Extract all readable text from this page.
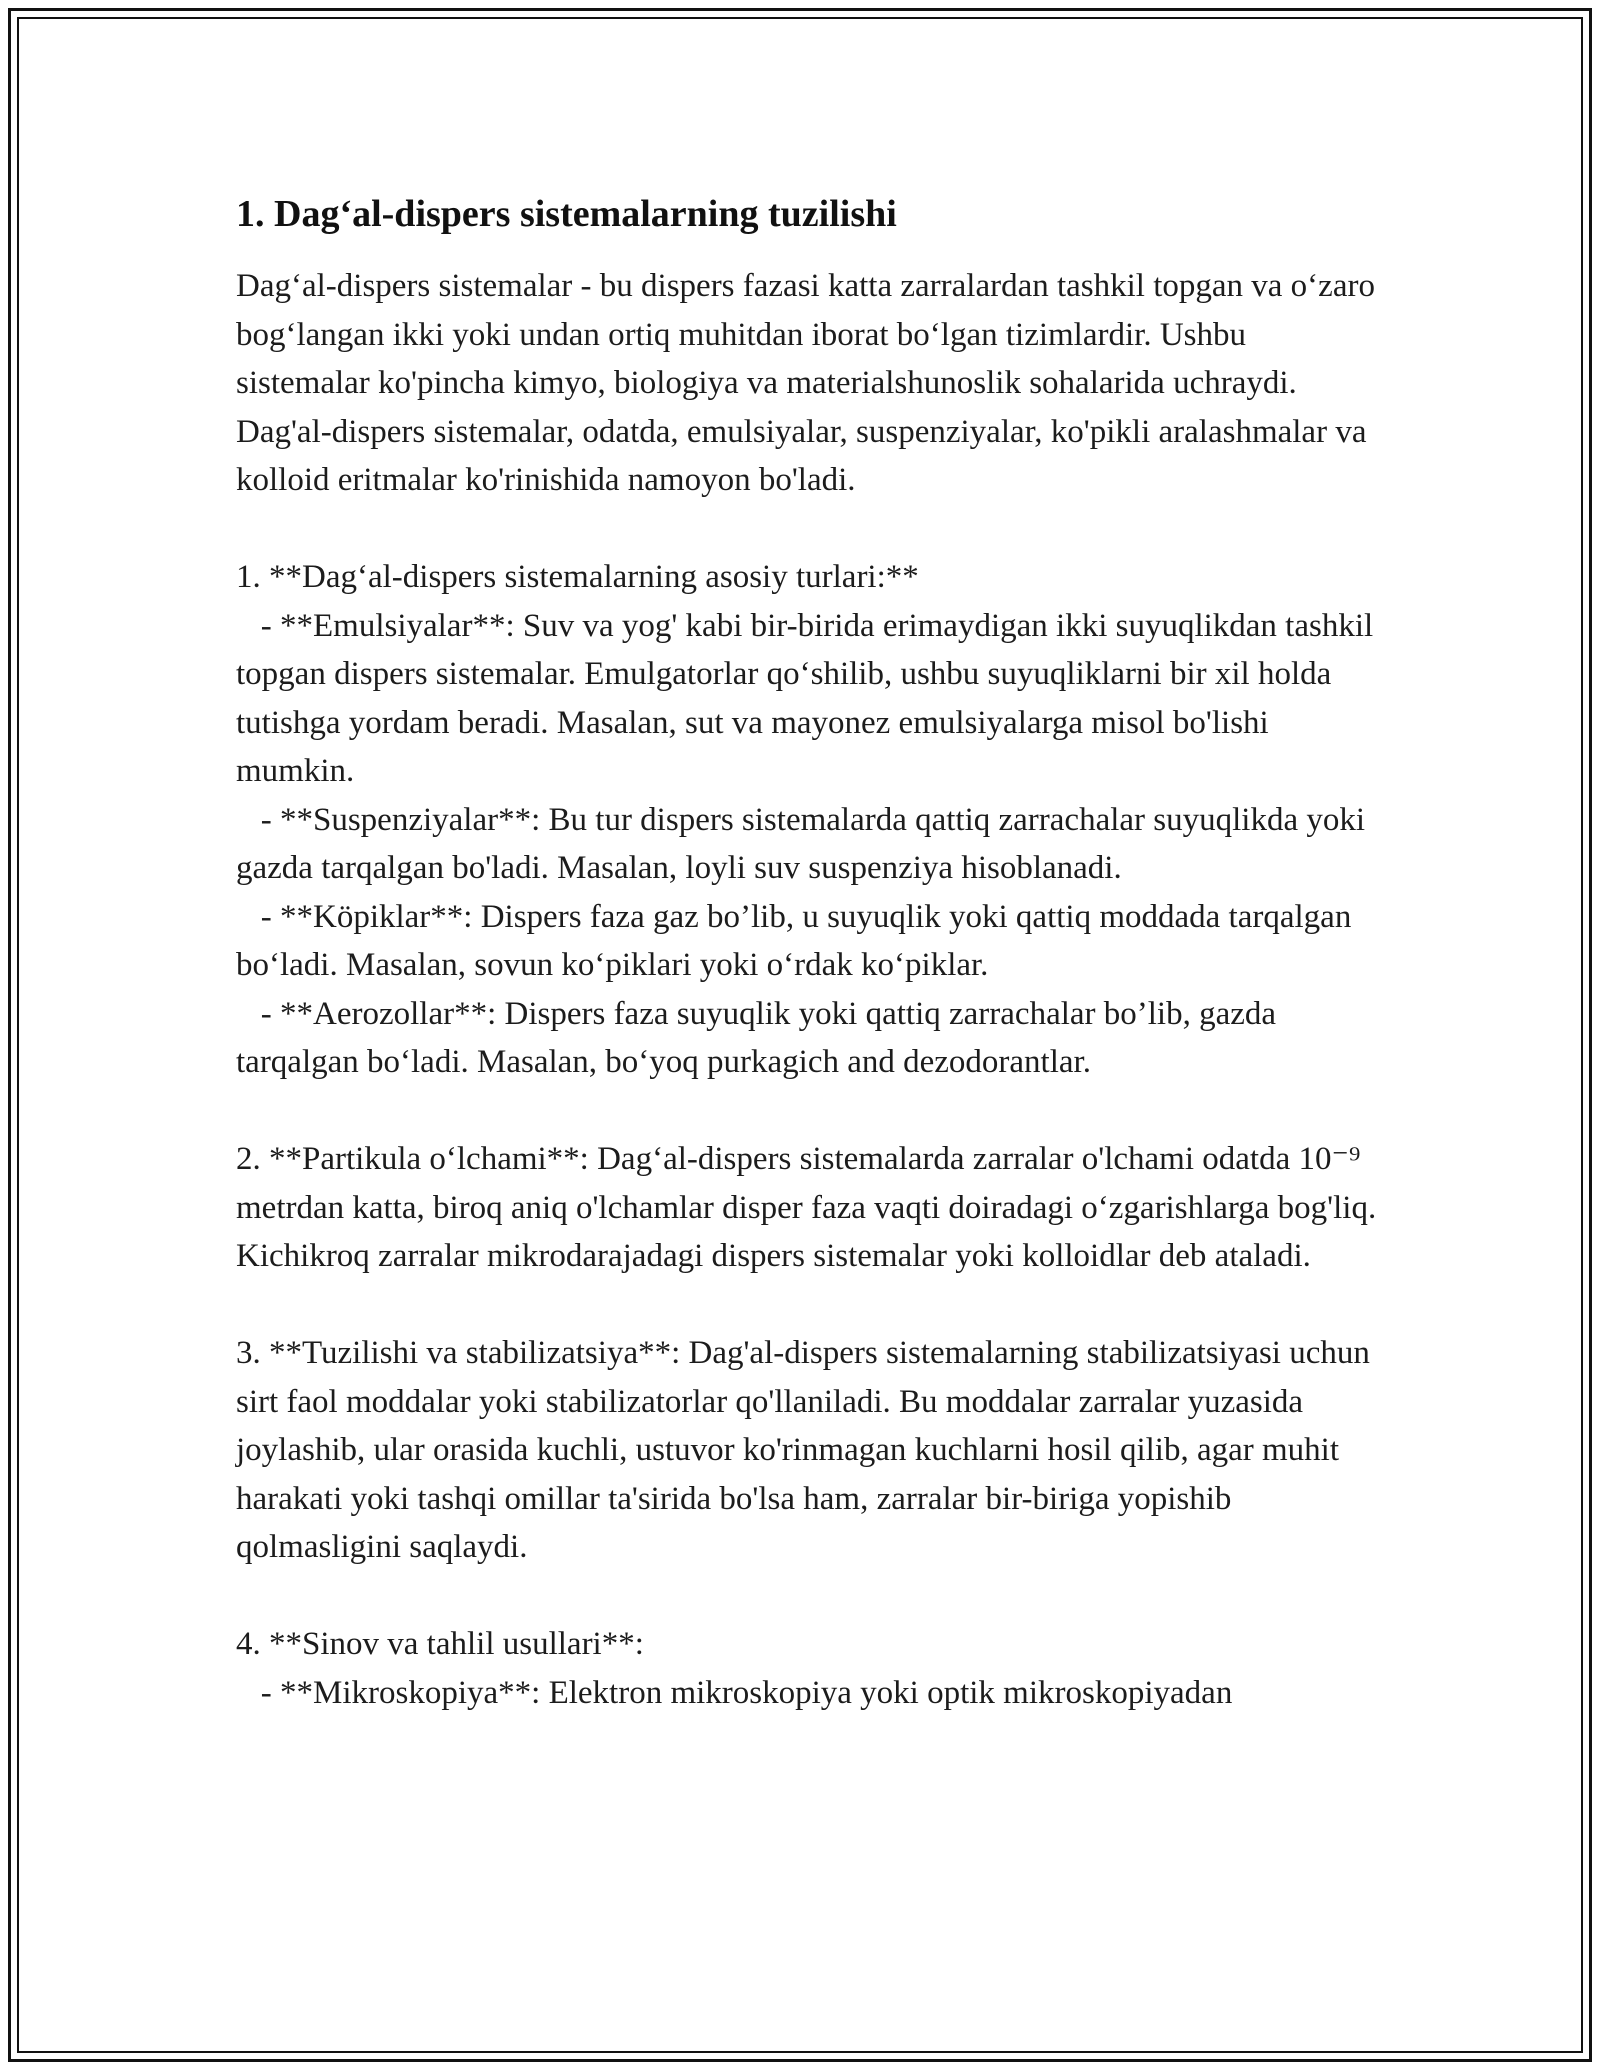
1. Dag‘al-dispers sistemalarning tuzilishi

Dag‘al-dispers sistemalar - bu dispers fazasi katta zarralardan tashkil topgan va o‘zaro bog‘langan ikki yoki undan ortiq muhitdan iborat bo‘lgan tizimlardir. Ushbu sistemalar ko'pincha kimyo, biologiya va materialshunoslik sohalarida uchraydi. Dag'al-dispers sistemalar, odatda, emulsiyalar, suspenziyalar, ko'pikli aralashmalar va kolloid eritmalar ko'rinishida namoyon bo'ladi.

1. **Dag‘al-dispers sistemalarning asosiy turlari:**

- **Emulsiyalar**: Suv va yog' kabi bir-birida erimaydigan ikki suyuqlikdan tashkil topgan dispers sistemalar. Emulgatorlar qo‘shilib, ushbu suyuqliklarni bir xil holda tutishga yordam beradi. Masalan, sut va mayonez emulsiyalarga misol bo'lishi mumkin.

- **Suspenziyalar**: Bu tur dispers sistemalarda qattiq zarrachalar suyuqlikda yoki gazda tarqalgan bo'ladi. Masalan, loyli suv suspenziya hisoblanadi.

- **Köpiklar**: Dispers faza gaz bo’lib, u suyuqlik yoki qattiq moddada tarqalgan bo‘ladi. Masalan, sovun ko‘piklari yoki o‘rdak ko‘piklar.

- **Aerozollar**: Dispers faza suyuqlik yoki qattiq zarrachalar bo’lib, gazda tarqalgan bo‘ladi. Masalan, bo‘yoq purkagich and dezodorantlar.

2. **Partikula o‘lchami**: Dag‘al-dispers sistemalarda zarralar o'lchami odatda 10⁻⁹ metrdan katta, biroq aniq o'lchamlar disper faza vaqti doiradagi o‘zgarishlarga bog'liq. Kichikroq zarralar mikrodarajadagi dispers sistemalar yoki kolloidlar deb ataladi.

3. **Tuzilishi va stabilizatsiya**: Dag'al-dispers sistemalarning stabilizatsiyasi uchun sirt faol moddalar yoki stabilizatorlar qo'llaniladi. Bu moddalar zarralar yuzasida joylashib, ular orasida kuchli, ustuvor ko'rinmagan kuchlarni hosil qilib, agar muhit harakati yoki tashqi omillar ta'sirida bo'lsa ham, zarralar bir-biriga yopishib qolmasligini saqlaydi.

4. **Sinov va tahlil usullari**:

- **Mikroskopiya**: Elektron mikroskopiya yoki optik mikroskopiyadan
